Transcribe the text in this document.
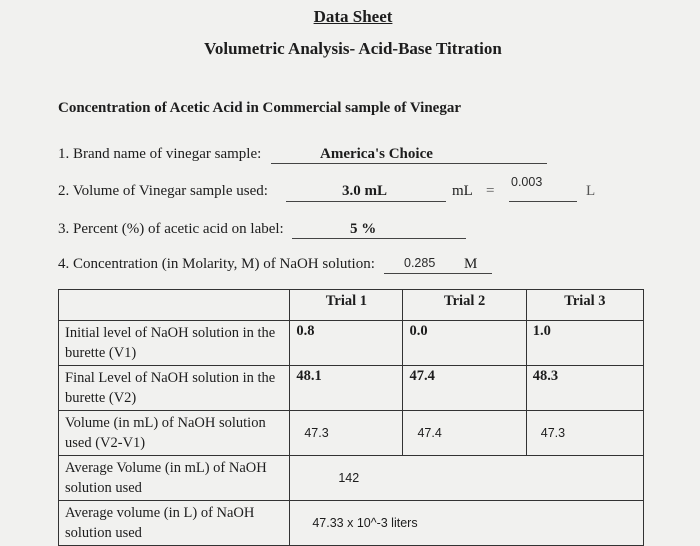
Data Sheet
Volumetric Analysis- Acid-Base Titration
Concentration of Acetic Acid in Commercial sample of Vinegar
1. Brand name of vinegar sample:	America's Choice
2. Volume of Vinegar sample used:	3.0 mL	mL =
0.003
L
3. Percent (%) of acetic acid on label:	5 %
4. Concentration (in Molarity, M) of NaOH solution: 0.285 M
	Trial 1	Trial 2	Trial 3
Initial level of NaOH solution in the burette (V1)	0.8	0.0	1.0
Final Level of NaOH solution in the burette (V2)	48.1	47.4	48.3
Volume (in mL) of NaOH solution used (V2-V1)	47.3	47.4	47.3
Average Volume (in mL) of NaOH solution used	142		
Average volume (in L) of NaOH solution used	47.33 x 10^-3 liters		
